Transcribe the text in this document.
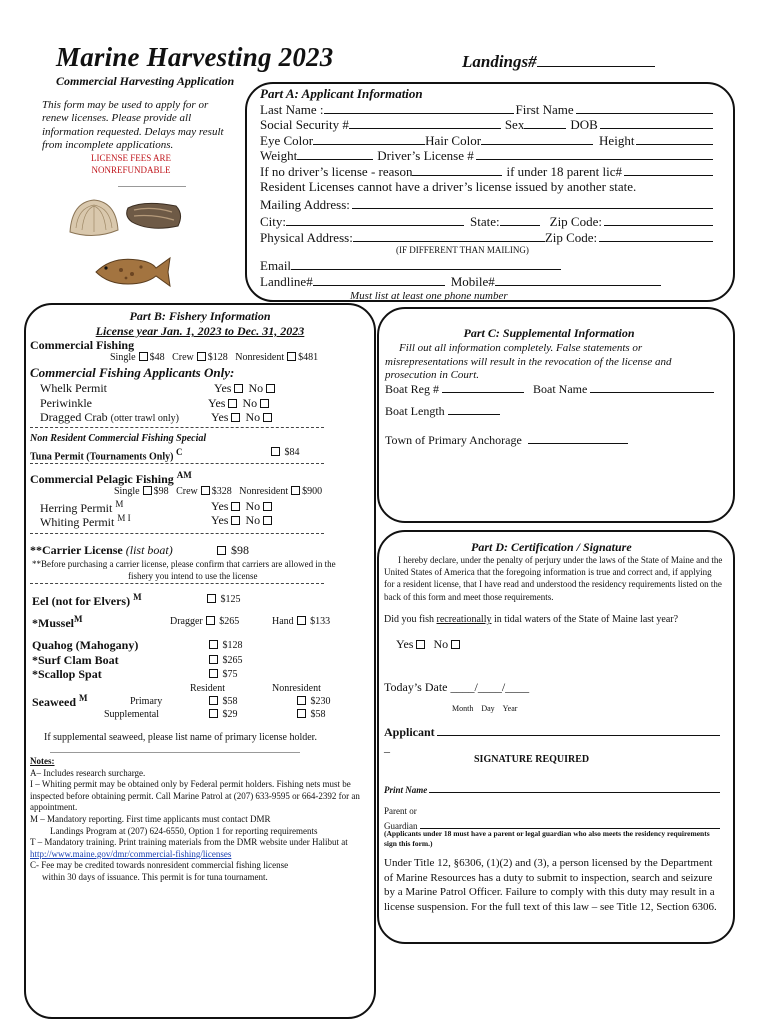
Marine Harvesting 2023	Landings#
Commercial Harvesting Application
This form may be used to apply for or renew licenses. Please provide all information requested. Delays may result from incomplete applications.
LICENSE FEES ARE
NONREFUNDABLE
Part A: Applicant Information
Last Name :	First Name
Social Security #	Sex	DOB
Eye Color	Hair Color	Height
Weight	Driver’s License #
If no driver’s license - reason	if under 18 parent lic#
Resident Licenses cannot have a driver’s license issued by another state.
Mailing Address:
City:	State:	Zip Code:
Physical Address:	Zip Code:
(IF DIFFERENT THAN MAILING)
Email
Landline#	Mobile#
Must list at least one phone number
Part B: Fishery Information
License year Jan. 1, 2023 to Dec. 31, 2023
Commercial Fishing
Single $48 Crew $128 Nonresident $481
Commercial Fishing Applicants Only:
Whelk Permit	Yes No
Periwinkle	Yes No
Dragged Crab (otter trawl only)	Yes No
Non Resident Commercial Fishing Special
Tuna Permit (Tournaments Only) $^C$	$84
Commercial Pelagic Fishing $^{AM}$
Single $98 Crew $328 Nonresident $900
Herring Permit $^M$	Yes No
Whiting Permit $^{M I}$	Yes No
**Carrier License (list boat)	$98
**Before purchasing a carrier license, please confirm that carriers are allowed in the
fishery you intend to use the license
Eel (not for Elvers) $^M$	$125
*Mussel$^M$	Dragger $265	Hand $133
Quahog (Mahogany)	$128
*Surf Clam Boat	$265
*Scallop Spat	$75
Resident	Nonresident
Seaweed $^M$	Primary	$58	$230
Supplemental	$29	$58
If supplemental seaweed, please list name of primary license holder.
Notes:
A– Includes research surcharge.
I – Whiting permit may be obtained only by Federal permit holders. Fishing nets must be inspected before obtaining permit. Call Marine Patrol at (207) 633-9595 or 664-2392 for an appointment.
M – Mandatory reporting. First time applicants must contact DMR
Landings Program at (207) 624-6550, Option 1 for reporting requirements
T – Mandatory training. Print training materials from the DMR website under Halibut at http://www.maine.gov/dmr/commercial-fishing/licenses
C- Fee may be credited towards nonresident commercial fishing license
within 30 days of issuance. This permit is for tuna tournament.
Part C: Supplemental Information
Fill out all information completely. False statements or
misrepresentations will result in the revocation of the license and
prosecution in Court.
Boat Reg #	Boat Name
Boat Length
Town of Primary Anchorage
Part D: Certification / Signature
I hereby declare, under the penalty of perjury under the laws of the State of Maine and the United States of America that the foregoing information is true and correct and, if applying for a resident license, that I have read and understood the residency requirements listed on the back of this form and meet those requirements.
Did you fish recreationally in tidal waters of the State of Maine last year?
Yes No
Today’s Date ____/____/____
Month Day Year
Applicant
_
SIGNATURE REQUIRED
Print Name
Parent or
Guardian
(Applicants under 18 must have a parent or legal guardian who also meets the residency requirements sign this form.)
Under Title 12, §6306, (1)(2) and (3), a person licensed by the Department of Marine Resources has a duty to submit to inspection, search and seizure by a Marine Patrol Officer. Failure to comply with this duty may result in a license suspension. For the full text of this law – see Title 12, Section 6306.
